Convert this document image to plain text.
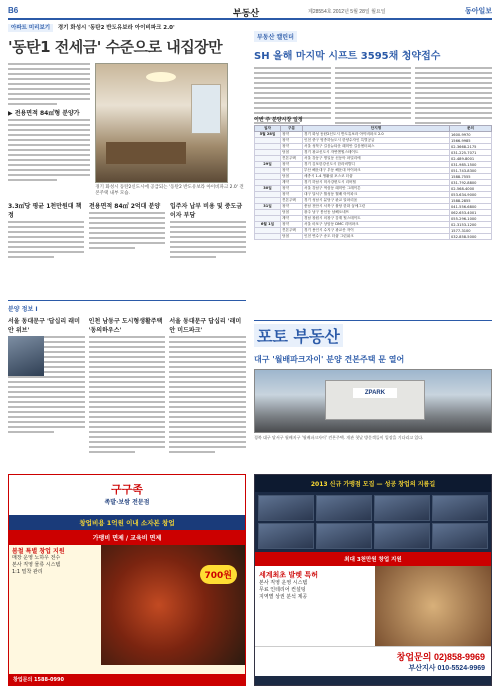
B6	부동산	제28554호 2012년 5월 28일 월요일	동아일보
아파트 미리보기 경기 화성시 '동탄2 반도유보라 아이비파크 2.0'
'동탄1 전세금' 수준으로 내집장만
▶ 전용면적 84㎡형 분양가
경기 화성시 동탄2신도시에 공급되는 '동탄2 반도유보라 아이비파크 2.0' 견본주택 내부 모습.
3.3㎡당 평균 1천만원대 책정
전용면적 84㎡ 2억대 분양	입주자 납부 비용 및 중도금 이자 부담
분양 정보 I
서울 동대문구 '답십리 래미안 위브'
인천 남동구 도시형생활주택 '동의하우스'
서울 동대문구 답십리 '래미안 미드파크'
부동산 캘린더
SH 올해 마지막 시프트 3595채 청약접수
이번 주 분양시장 일정
일자	구분	단지명	문의
5월 28일	청약	경기 화성 동탄2신도시 반도유보라 아이비파크 2.0	1600-9970
	청약	인천 중구 영종하늘도시 한양수자인 특별공급	1566-9985
	청약	서울 성북구 길음뉴타운 래미안 길음센터피스	02-3668-2175
	당첨	경기 광교신도시 자연앤힐스테이트	031-225-7071
	견본주택	서울 강동구 명일동 신동아 파밀리에	02-489-8001
29일	청약	경기 김포한강신도시 한라비발디	031-985-1500
	청약	부산 해운대구 우동 해운대 아이파크	051-743-8300
	당첨	세종시 1-4 생활권 포스코 더샵	1588-7555
	계약	경기 하남시 미사강변도시 리버힐	031-792-8800
30일	청약	서울 강남구 역삼동 래미안 그레이튼	02-568-4000
	청약	대구 달서구 월성동 월배 아이파크	053-634-9000
	견본주택	경기 성남시 분당구 판교 알파리움	1588-2855
31일	청약	충남 천안시 서북구 불당 한화 꿈에그린	041-556-6800
	당첨	광주 남구 봉선동 남해오네뜨	062-653-4001
	계약	경남 창원시 의창구 감계 힐스테이트	055-296-1000
6월 1일	청약	서울 마포구 상암동 DMC 리버파크	02-3153-1200
	견본주택	경기 용인시 수지구 광교산 자이	1577-3100
	당첨	인천 연수구 송도 더샵 그린워크	032-858-5000
포토 부동산 대구 '월배파크자이' 분양 견본주택 문 열어
ZPARK
경북 대구 달서구 월배지구 '월배파크자이' 견본주택. 개관 첫날 방문객들이 입장을 기다리고 있다.
구구족
족발·보쌈 전문점
창업비용 1억원 이내 소자본 창업
가맹비 면제 / 교육비 면제
봄철 특별 창업 지원
매장 운영 노하우 전수
본사 직영 물류 시스템
1:1 밀착 관리	700원
창업문의 1588-0990
2013 신규 가맹점 모집 — 성공 창업의 지름길
최대 3천만원 창업 지원
세계최초 발렛 특허
본사 직영 운영 시스템
무료 인테리어 컨설팅
지역별 상권 분석 제공
창업문의 02)858-9969
부산지사 010-5524-9969
